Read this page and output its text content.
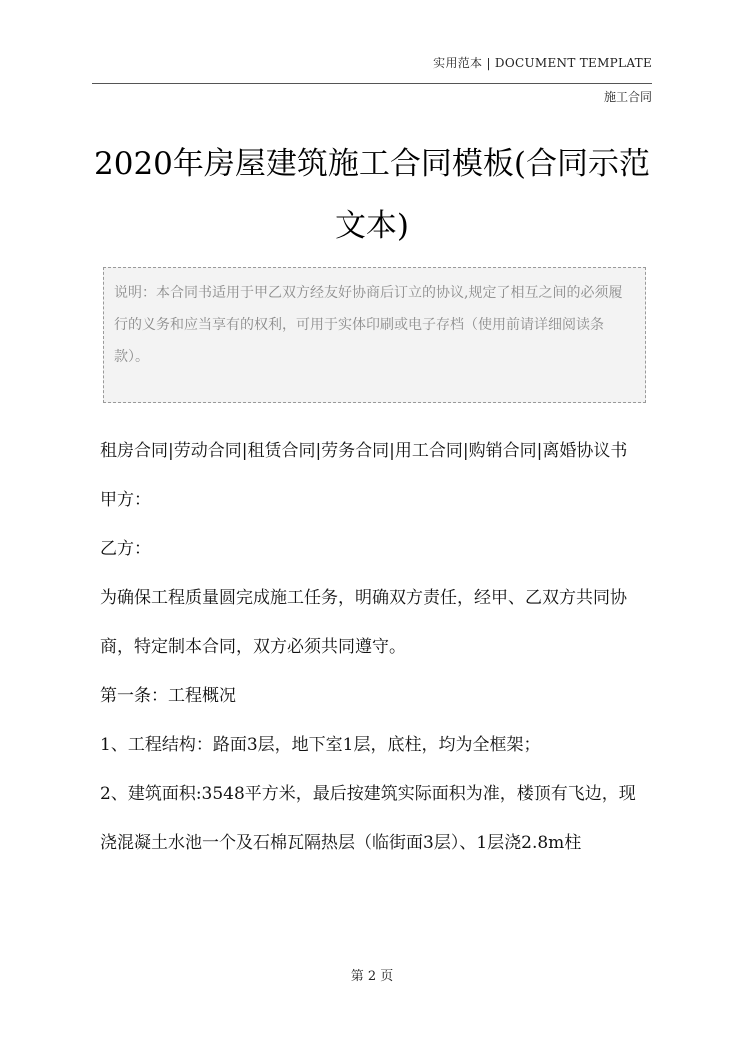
实用范本 | DOCUMENT TEMPLATE
施工合同
2020年房屋建筑施工合同模板(合同示范文本)
说明：本合同书适用于甲乙双方经友好协商后订立的协议,规定了相互之间的必须履行的义务和应当享有的权利，可用于实体印刷或电子存档（使用前请详细阅读条款）。

租房合同|劳动合同|租赁合同|劳务合同|用工合同|购销合同|离婚协议书

甲方：

乙方：

为确保工程质量圆完成施工任务，明确双方责任，经甲、乙双方共同协商，特定制本合同，双方必须共同遵守。

第一条：工程概况

1、工程结构：路面3层，地下室1层，底柱，均为全框架；

2、建筑面积:3548平方米，最后按建筑实际面积为准，楼顶有飞边，现浇混凝土水池一个及石棉瓦隔热层（临街面3层）、1层浇2.8m柱

第 2 页
